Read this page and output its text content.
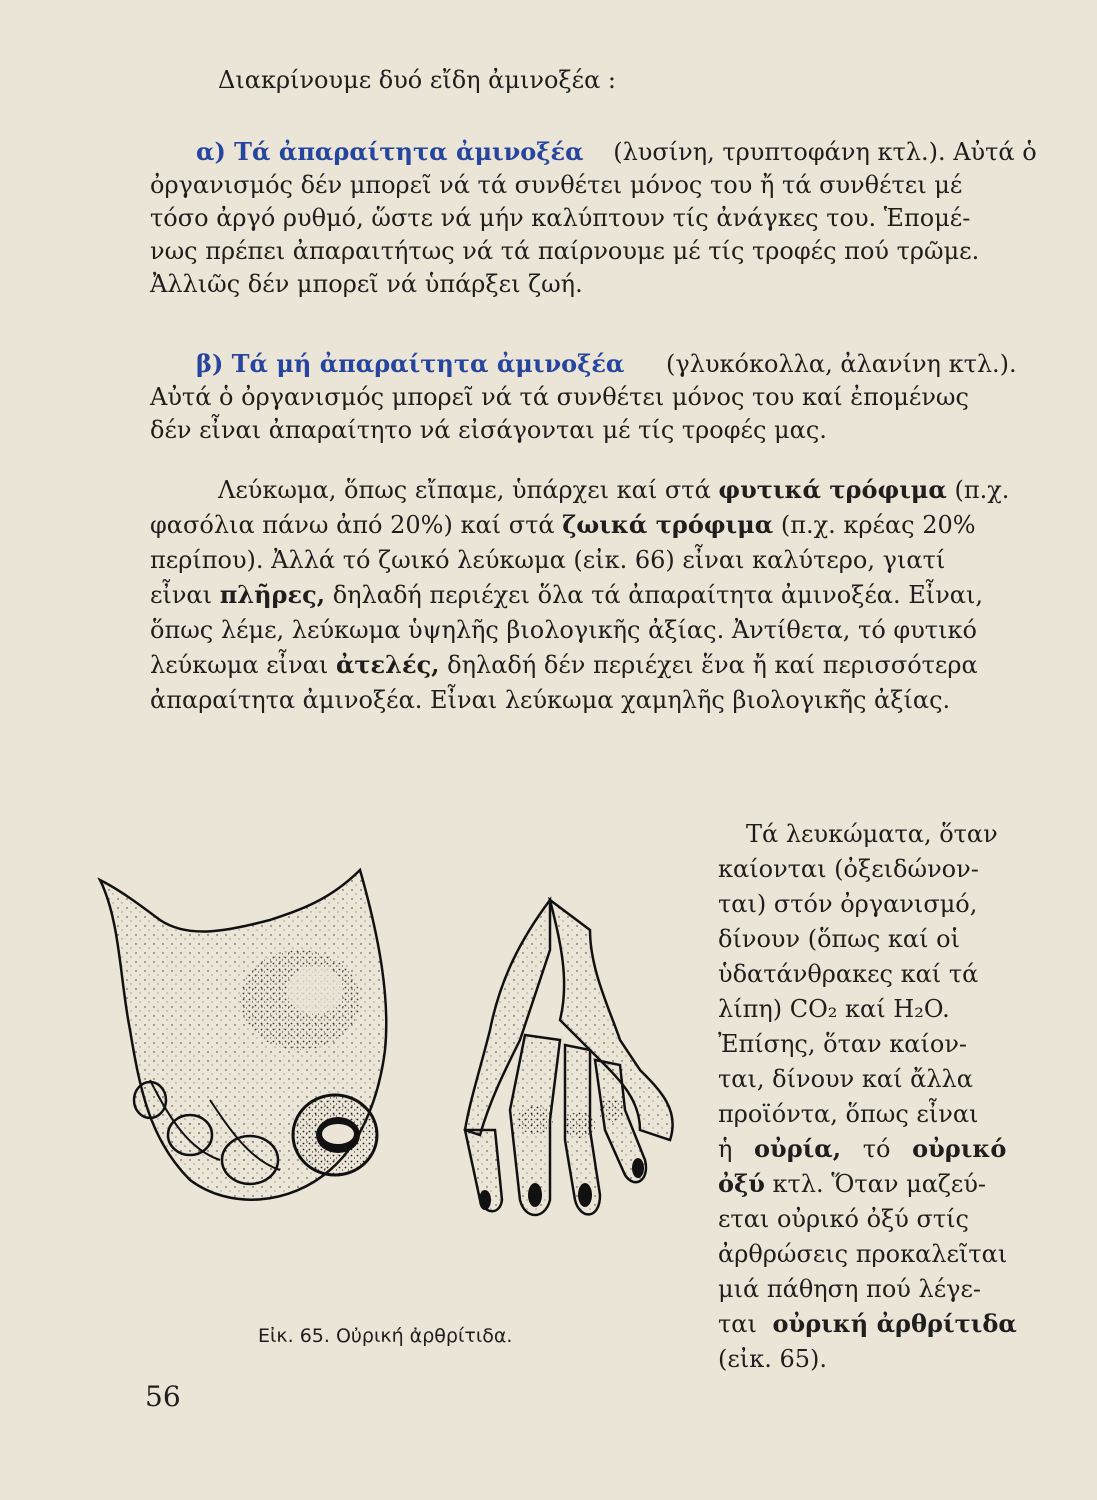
Διακρίνουμε δυό εἴδη ἀμινοξέα :
α) Τά ἀπαραίτητα ἀμινοξέα (λυσίνη, τρυπτοφάνη κτλ.). Αὐτά ὁ
ὀργανισμός δέν μπορεῖ νά τά συνθέτει μόνος του ἤ τά συνθέτει μέ
τόσο ἀργό ρυθμό, ὥστε νά μήν καλύπτουν τίς ἀνάγκες του. Ἑπομέ-
νως πρέπει ἀπαραιτήτως νά τά παίρνουμε μέ τίς τροφές πού τρῶμε.
Ἀλλιῶς δέν μπορεῖ νά ὑπάρξει ζωή.
β) Τά μή ἀπαραίτητα ἀμινοξέα (γλυκόκολλα, ἀλανίνη κτλ.).
Αὐτά ὁ ὀργανισμός μπορεῖ νά τά συνθέτει μόνος του καί ἐπομένως
δέν εἶναι ἀπαραίτητο νά εἰσάγονται μέ τίς τροφές μας.
Λεύκωμα, ὅπως εἴπαμε, ὑπάρχει καί στά φυτικά τρόφιμα (π.χ.
φασόλια πάνω ἀπό 20%) καί στά ζωικά τρόφιμα (π.χ. κρέας 20%
περίπου). Ἀλλά τό ζωικό λεύκωμα (εἰκ. 66) εἶναι καλύτερο, γιατί
εἶναι πλῆρες, δηλαδή περιέχει ὅλα τά ἀπαραίτητα ἀμινοξέα. Εἶναι,
ὅπως λέμε, λεύκωμα ὑψηλῆς βιολογικῆς ἀξίας. Ἀντίθετα, τό φυτικό
λεύκωμα εἶναι ἀτελές, δηλαδή δέν περιέχει ἕνα ἤ καί περισσότερα
ἀπαραίτητα ἀμινοξέα. Εἶναι λεύκωμα χαμηλῆς βιολογικῆς ἀξίας.
Εἰκ. 65. Οὐρική ἀρθρίτιδα.
Τά λευκώματα, ὅταν
καίονται (ὀξειδώνον-
ται) στόν ὀργανισμό,
δίνουν (ὅπως καί οἱ
ὑδατάνθρακες καί τά
λίπη) CO₂ καί H₂O.
Ἐπίσης, ὅταν καίον-
ται, δίνουν καί ἄλλα
προϊόντα, ὅπως εἶναι
ἡ οὐρία, τό οὐρικό
ὀξύ κτλ. Ὅταν μαζεύ-
εται οὐρικό ὀξύ στίς
ἀρθρώσεις προκαλεῖται
μιά πάθηση πού λέγε-
ται οὐρική ἀρθρίτιδα
(εἰκ. 65).
56
